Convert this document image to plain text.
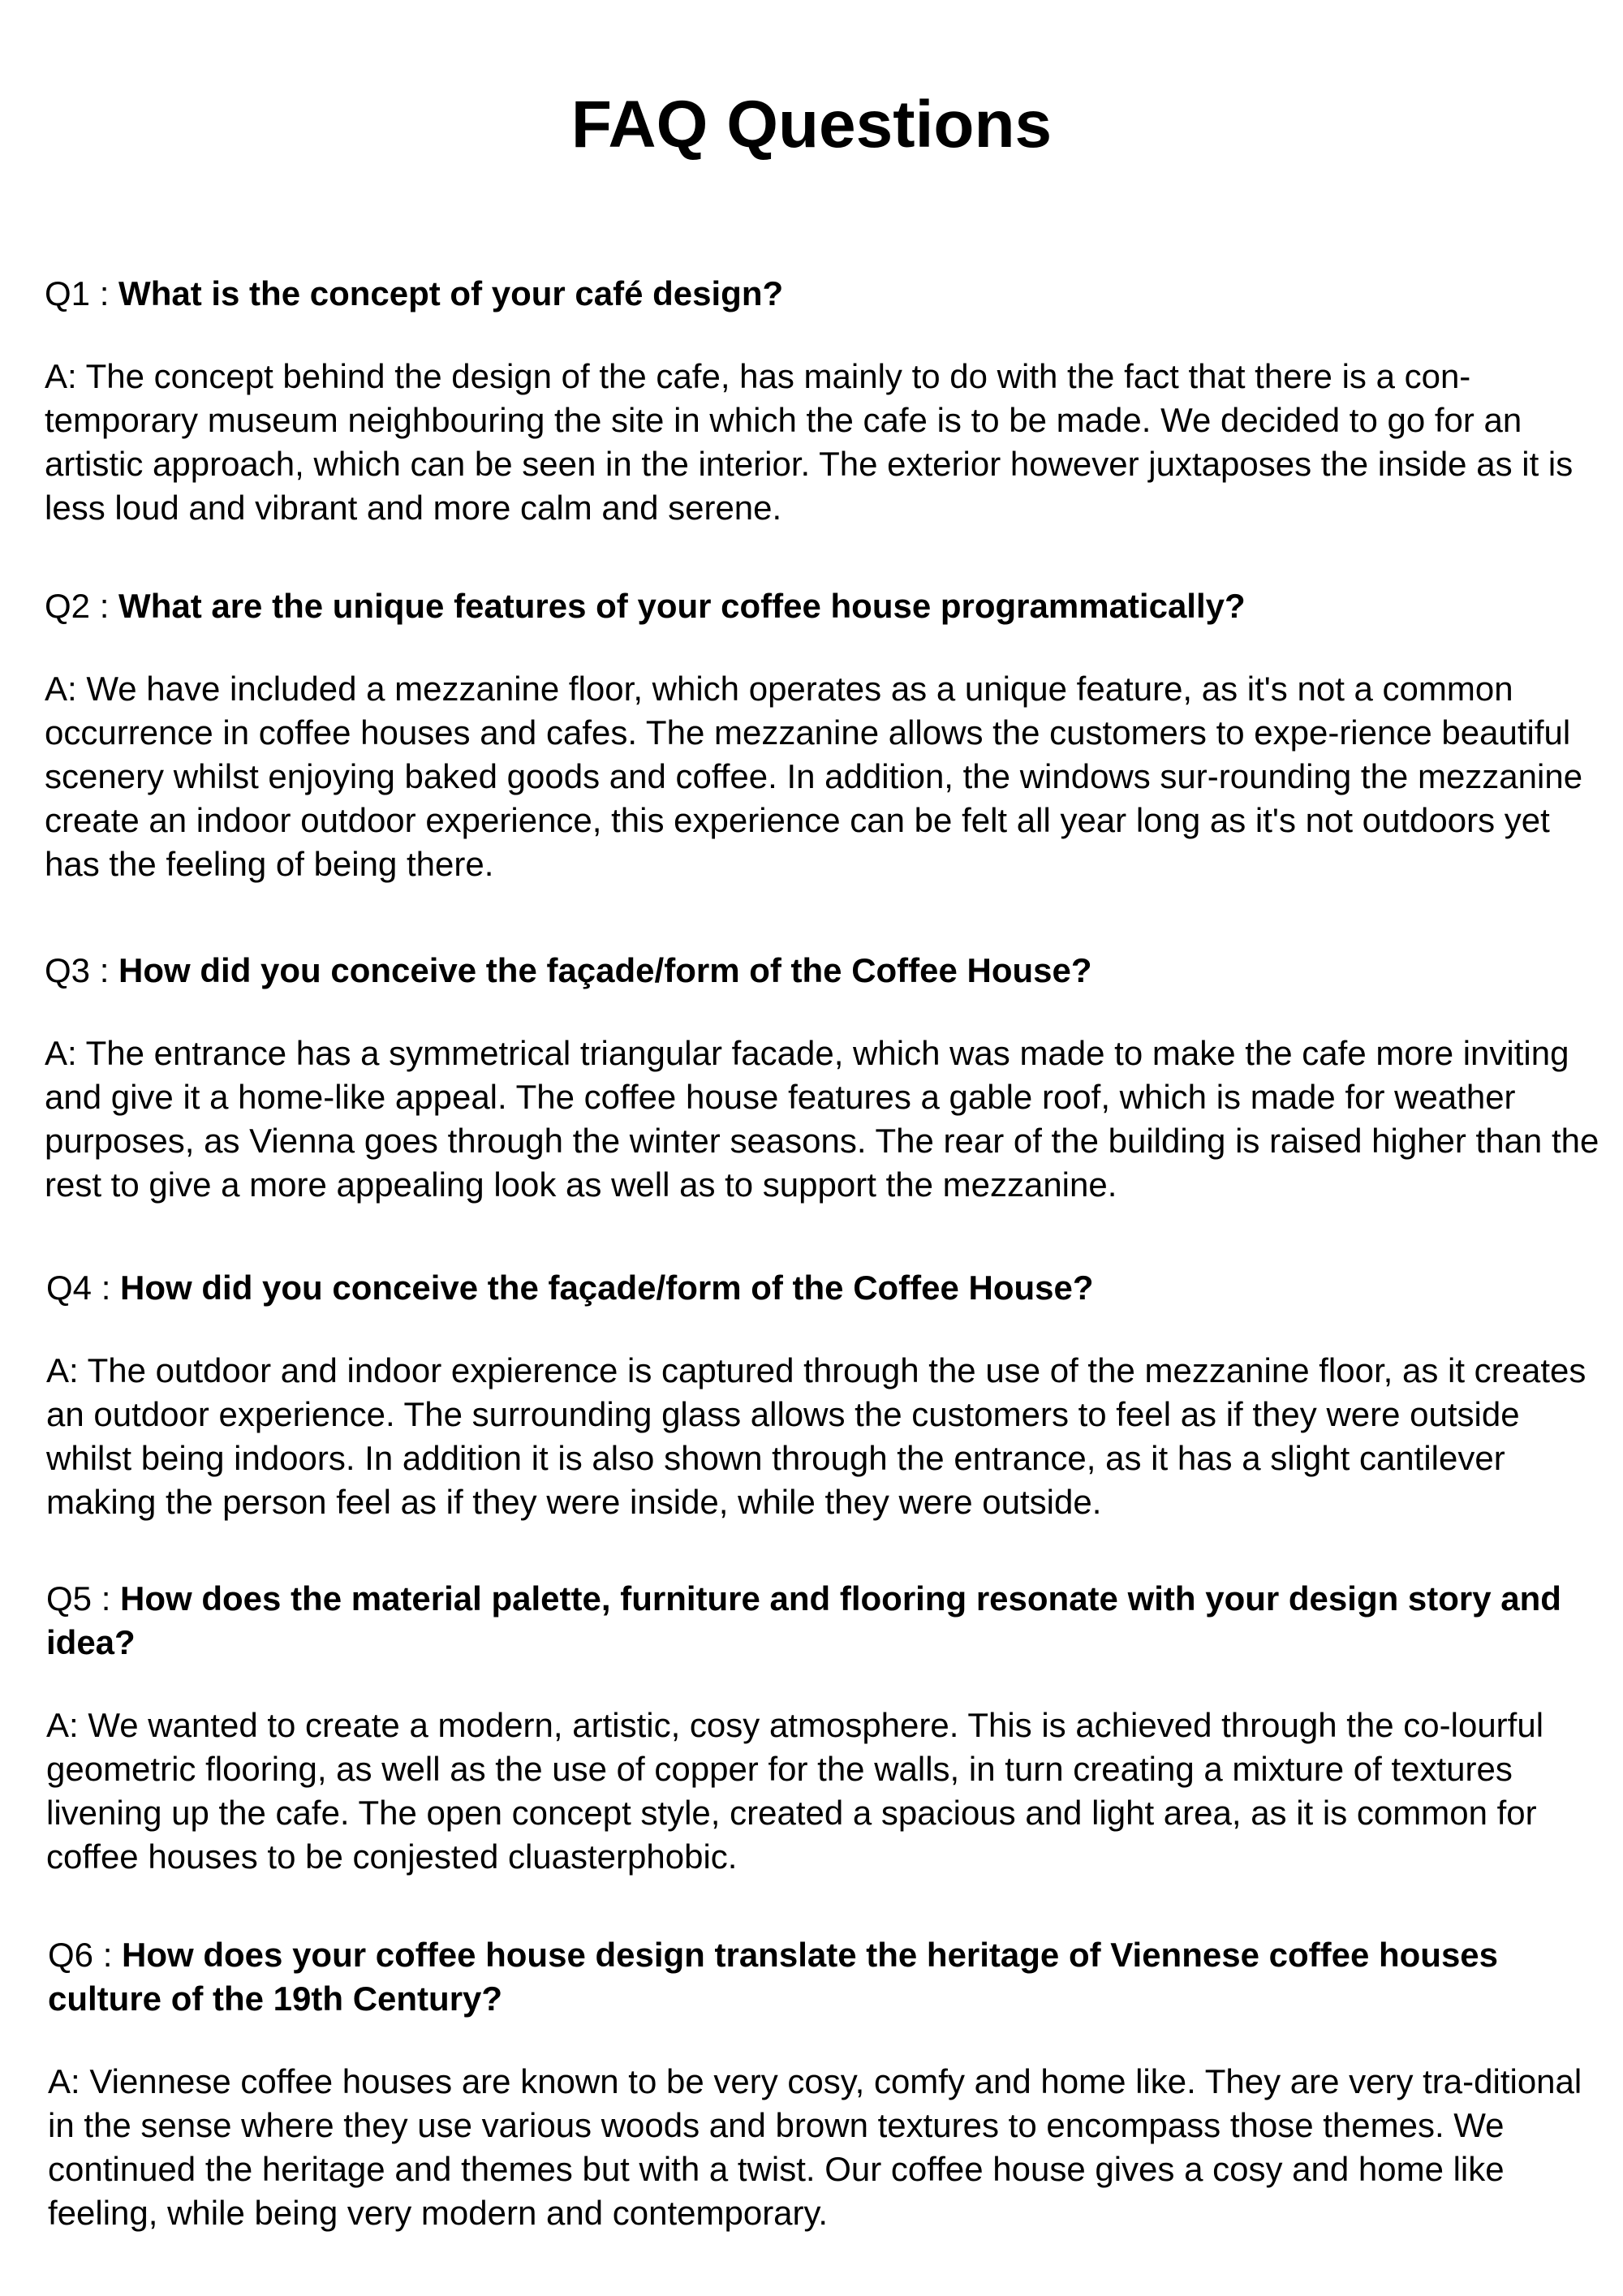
FAQ Questions

Q1 : What is the concept of your café design?

A: The concept behind the design of the cafe, has mainly to do with the fact that there is a con-temporary museum neighbouring the site in which the cafe is to be made. We decided to go for an artistic approach, which can be seen in the interior. The exterior however juxtaposes the inside as it is less loud and vibrant and more calm and serene.

Q2 : What are the unique features of your coffee house programmatically?

A: We have included a mezzanine floor, which operates as a unique feature, as it's not a common occurrence in coffee houses and cafes. The mezzanine allows the customers to expe-rience beautiful scenery whilst enjoying baked goods and coffee. In addition, the windows sur-rounding the mezzanine create an indoor outdoor experience, this experience can be felt all year long as it's not outdoors yet has the feeling of being there.

Q3 : How did you conceive the façade/form of the Coffee House?

A: The entrance has a symmetrical triangular facade, which was made to make the cafe more inviting and give it a home-like appeal. The coffee house features a gable roof, which is made for weather purposes, as Vienna goes through the winter seasons. The rear of the building is raised higher than the rest to give a more appealing look as well as to support the mezzanine.

Q4 : How did you conceive the façade/form of the Coffee House?

A: The outdoor and indoor expierence is captured through the use of the mezzanine floor, as it creates an outdoor experience. The surrounding glass allows the customers to feel as if they were outside whilst being indoors. In addition it is also shown through the entrance, as it has a slight cantilever making the person feel as if they were inside, while they were outside.

Q5 : How does the material palette, furniture and flooring resonate with your design story and idea?

A: We wanted to create a modern, artistic, cosy atmosphere. This is achieved through the co-lourful geometric flooring, as well as the use of copper for the walls, in turn creating a mixture of textures livening up the cafe. The open concept style, created a spacious and light area, as it is common for coffee houses to be conjested cluasterphobic.

Q6 : How does your coffee house design translate the heritage of Viennese coffee houses culture of the 19th Century?

A: Viennese coffee houses are known to be very cosy, comfy and home like. They are very tra-ditional in the sense where they use various woods and brown textures to encompass those themes. We continued the heritage and themes but with a twist. Our coffee house gives a cosy and home like feeling, while being very modern and contemporary.
